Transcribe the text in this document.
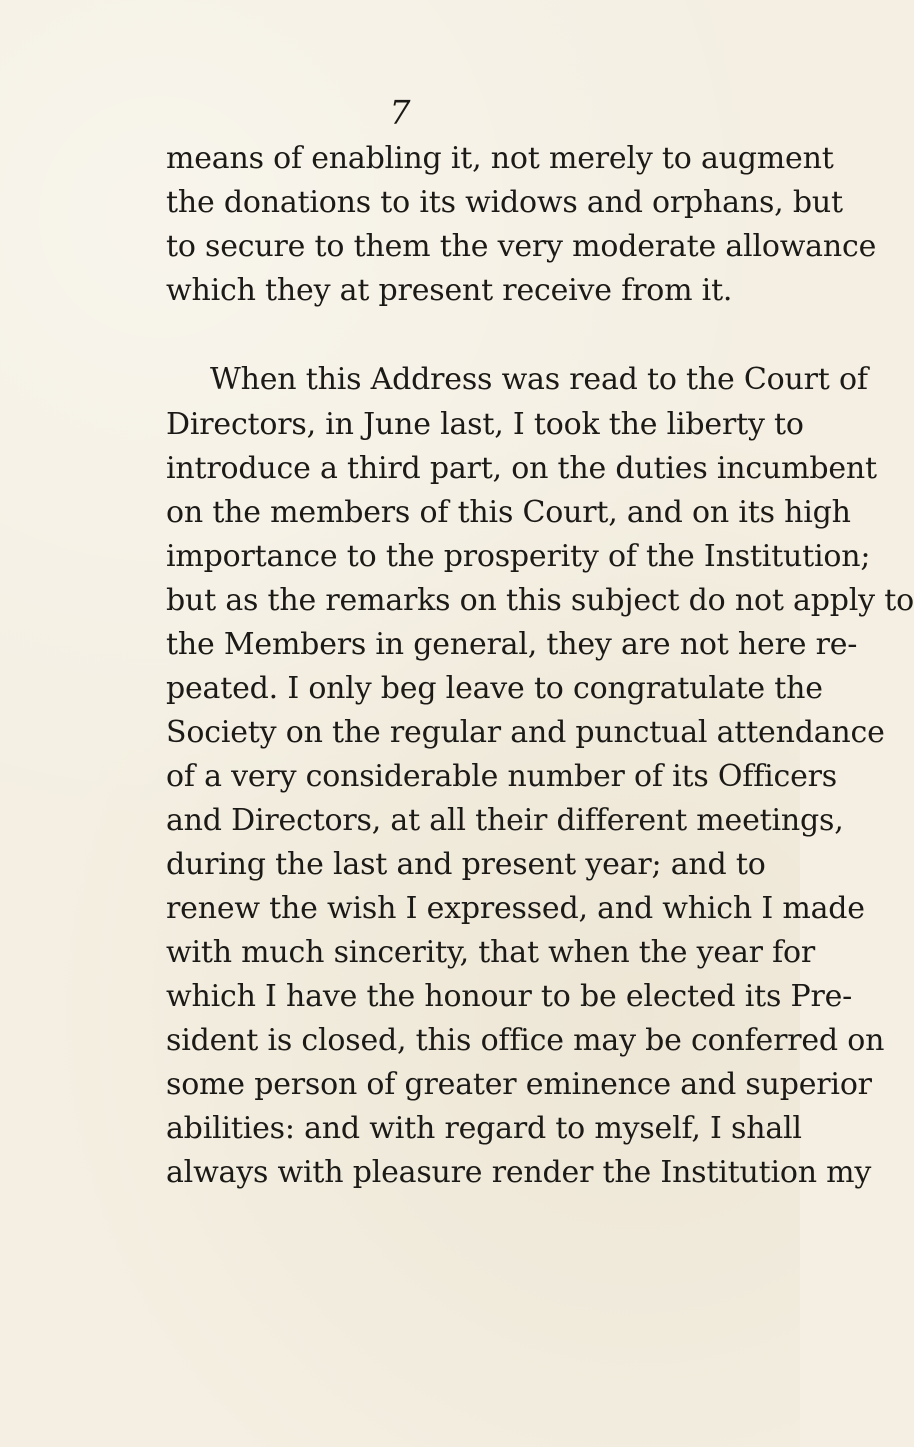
7

means of enabling it, not merely to augment

the donations to its widows and orphans, but

to secure to them the very moderate allowance

which they at present receive from it.

When this Address was read to the Court of

Directors, in June last, I took the liberty to

introduce a third part, on the duties incumbent

on the members of this Court, and on its high

importance to the prosperity of the Institution;

but as the remarks on this subject do not apply to

the Members in general, they are not here re-

peated. I only beg leave to congratulate the

Society on the regular and punctual attendance

of a very considerable number of its Officers

and Directors, at all their different meetings,

during the last and present year; and to

renew the wish I expressed, and which I made

with much sincerity, that when the year for

which I have the honour to be elected its Pre-

sident is closed, this office may be conferred on

some person of greater eminence and superior

abilities: and with regard to myself, I shall

always with pleasure render the Institution my
